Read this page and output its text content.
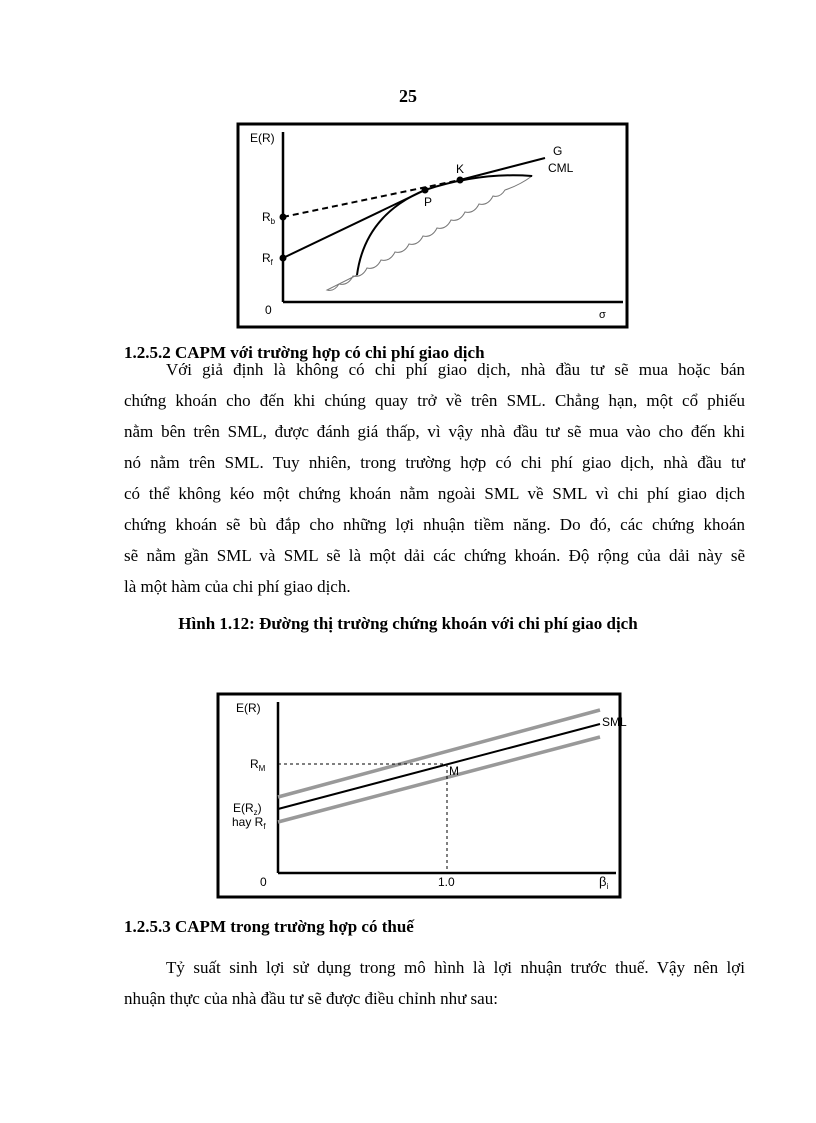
25
E(R)
$R_b$
$R_f$
0	σ
P
K
G
CML
E(R)
$R_M$
$E(R_z)$
hay $R_f$
0	1.0	$\beta_i$
M
SML
1.2.5.2 CAPM với trường hợp có chi phí giao dịch
Với giả định là không có chi phí giao dịch, nhà đầu tư sẽ mua hoặc bán
chứng khoán cho đến khi chúng quay trở về trên SML. Chẳng hạn, một cổ phiếu
nằm bên trên SML, được đánh giá thấp, vì vậy nhà đầu tư sẽ mua vào cho đến khi
nó nằm trên SML. Tuy nhiên, trong trường hợp có chi phí giao dịch, nhà đầu tư
có thể không kéo một chứng khoán nằm ngoài SML về SML vì chi phí giao dịch
chứng khoán sẽ bù đắp cho những lợi nhuận tiềm năng. Do đó, các chứng khoán
sẽ nằm gần SML và SML sẽ là một dải các chứng khoán. Độ rộng của dải này sẽ
là một hàm của chi phí giao dịch.
Hình 1.12: Đường thị trường chứng khoán với chi phí giao dịch
1.2.5.3 CAPM trong trường hợp có thuế
Tỷ suất sinh lợi sử dụng trong mô hình là lợi nhuận trước thuế. Vậy nên lợi
nhuận thực của nhà đầu tư sẽ được điều chỉnh như sau:
